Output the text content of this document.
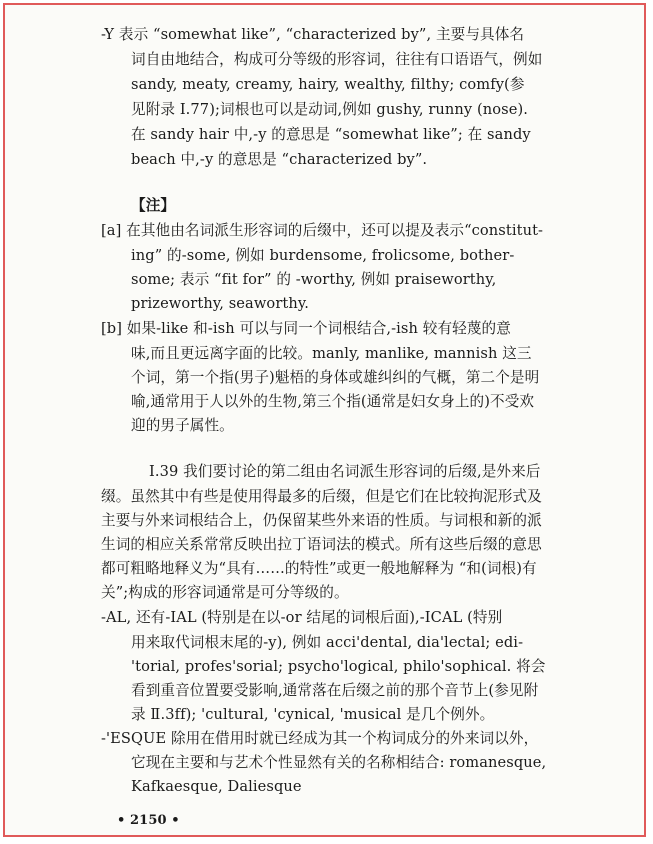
-Y 表示 “somewhat like”, “characterized by”, 主要与具体名
词自由地结合，构成可分等级的形容词，往往有口语语气，例如
sandy, meaty, creamy, hairy, wealthy, filthy; comfy(参
见附录 Ⅰ.77);词根也可以是动词,例如 gushy, runny (nose).
在 sandy hair 中,-y 的意思是 “somewhat like”; 在 sandy
beach 中,-y 的意思是 “characterized by”.
【注】
[a] 在其他由名词派生形容词的后缀中，还可以提及表示“constitut-
ing” 的-some, 例如 burdensome, frolicsome, bother-
some; 表示 “fit for” 的 -worthy, 例如 praiseworthy,
prizeworthy, seaworthy.
[b] 如果-like 和-ish 可以与同一个词根结合,-ish 较有轻蔑的意
味,而且更远离字面的比较。manly, manlike, mannish 这三
个词，第一个指(男子)魁梧的身体或雄纠纠的气概，第二个是明
喻,通常用于人以外的生物,第三个指(通常是妇女身上的)不受欢
迎的男子属性。
Ⅰ.39 我们要讨论的第二组由名词派生形容词的后缀,是外来后
缀。虽然其中有些是使用得最多的后缀，但是它们在比较拘泥形式及
主要与外来词根结合上，仍保留某些外来语的性质。与词根和新的派
生词的相应关系常常反映出拉丁语词法的模式。所有这些后缀的意思
都可粗略地释义为“具有……的特性”或更一般地解释为 “和(词根)有
关”;构成的形容词通常是可分等级的。
-AL, 还有-IAL (特别是在以-or 结尾的词根后面),-ICAL (特别
用来取代词根末尾的-y), 例如 acci'dental, dia'lectal; edi-
'torial, profes'sorial; psycho'logical, philo'sophical. 将会
看到重音位置要受影响,通常落在后缀之前的那个音节上(参见附
录 Ⅱ.3ff); 'cultural, 'cynical, 'musical 是几个例外。
-'ESQUE 除用在借用时就已经成为其一个构词成分的外来词以外，
它现在主要和与艺术个性显然有关的名称相结合: romanesque,
Kafkaesque, Daliesque
• 2150 •
